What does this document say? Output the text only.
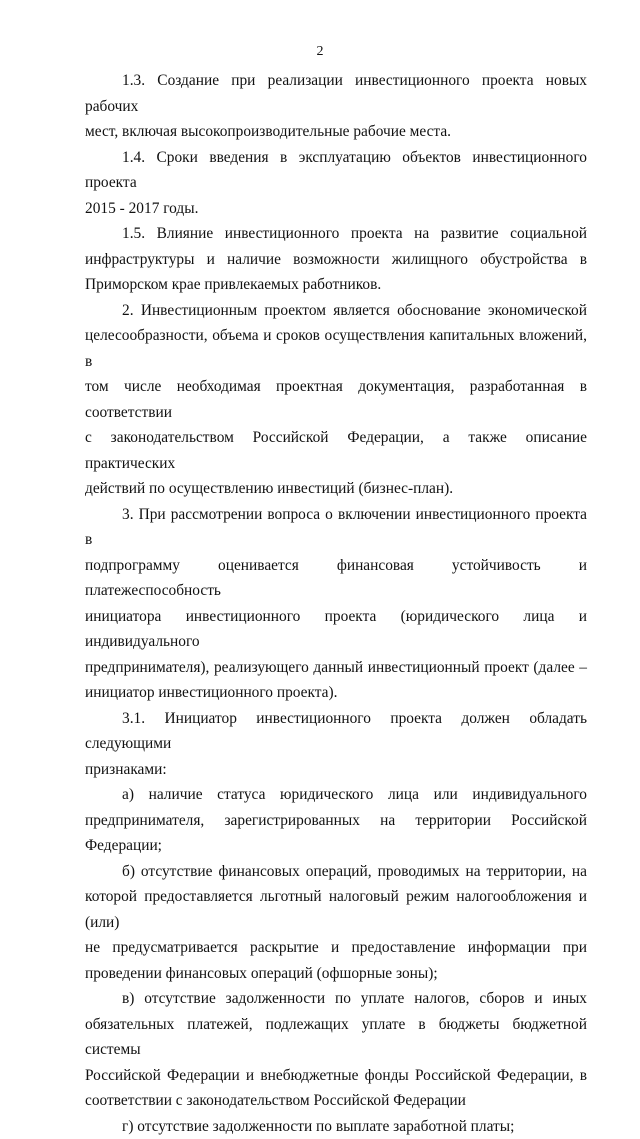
2
1.3. Создание при реализации инвестиционного проекта новых рабочих
мест, включая высокопроизводительные рабочие места.
1.4. Сроки введения в эксплуатацию объектов инвестиционного проекта
2015 - 2017 годы.
1.5. Влияние инвестиционного проекта на развитие социальной
инфраструктуры и наличие возможности жилищного обустройства в
Приморском крае привлекаемых работников.
2. Инвестиционным проектом является обоснование экономической
целесообразности, объема и сроков осуществления капитальных вложений, в
том числе необходимая проектная документация, разработанная в соответствии
с законодательством Российской Федерации, а также описание практических
действий по осуществлению инвестиций (бизнес-план).
3. При рассмотрении вопроса о включении инвестиционного проекта в
подпрограмму оценивается финансовая устойчивость и платежеспособность
инициатора инвестиционного проекта (юридического лица и индивидуального
предпринимателя), реализующего данный инвестиционный проект (далее –
инициатор инвестиционного проекта).
3.1. Инициатор инвестиционного проекта должен обладать следующими
признаками:
а) наличие статуса юридического лица или индивидуального
предпринимателя, зарегистрированных на территории Российской Федерации;
б) отсутствие финансовых операций, проводимых на территории, на
которой предоставляется льготный налоговый режим налогообложения и (или)
не предусматривается раскрытие и предоставление информации при
проведении финансовых операций (офшорные зоны);
в) отсутствие задолженности по уплате налогов, сборов и иных
обязательных платежей, подлежащих уплате в бюджеты бюджетной системы
Российской Федерации и внебюджетные фонды Российской Федерации, в
соответствии с законодательством Российской Федерации
г) отсутствие задолженности по выплате заработной платы;
